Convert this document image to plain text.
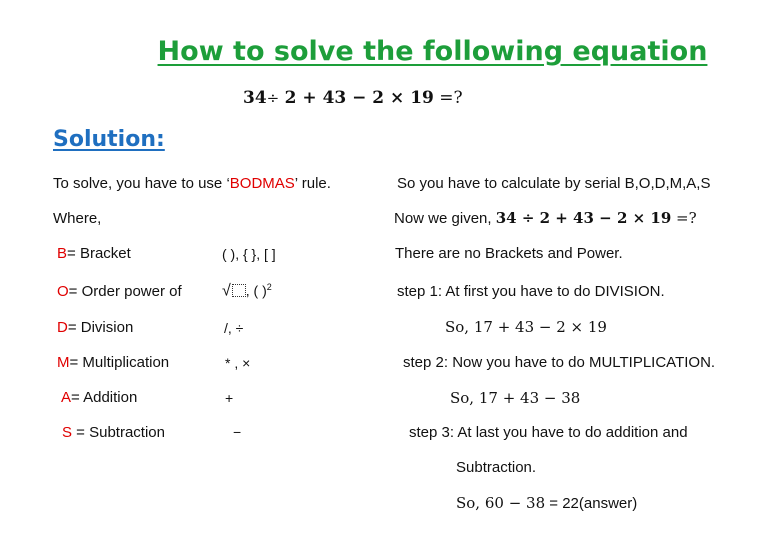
How to solve the following equation
34÷ 2 + 43 − 2 × 19 =?
Solution:
To solve, you have to use ‘BODMAS’ rule.
Where,
B= Bracket	( ), { }, [ ]
O= Order power of	√ , ( )$^2$
D= Division	/, ÷
M= Multiplication	* , ×
A= Addition	+
S = Subtraction	−
So you have to calculate by serial B,O,D,M,A,S
Now we given, 34 ÷ 2 + 43 − 2 × 19 =?
There are no Brackets and Power.
step 1: At first you have to do DIVISION.
So, 17 + 43 − 2 × 19
step 2: Now you have to do MULTIPLICATION.
So, 17 + 43 − 38
step 3: At last you have to do addition and
Subtraction.
So, 60 − 38 = 22(answer)
